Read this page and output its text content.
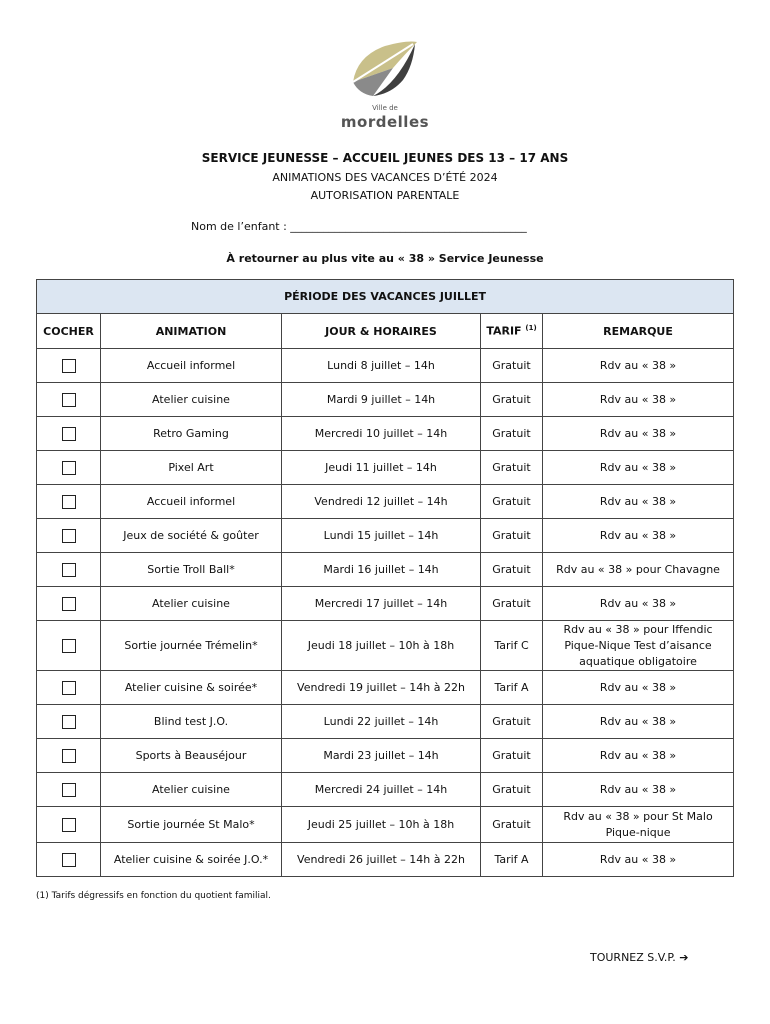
Ville de
mordelles
SERVICE JEUNESSE – ACCUEIL JEUNES DES 13 – 17 ANS
ANIMATIONS DES VACANCES D’ÉTÉ 2024
AUTORISATION PARENTALE
Nom de l’enfant : ___________________________________________
À retourner au plus vite au « 38 » Service Jeunesse
PÉRIODE DES VACANCES JUILLET				
COCHER	ANIMATION	JOUR & HORAIRES	TARIF $^{(1)}$	REMARQUE
	Accueil informel	Lundi 8 juillet – 14h	Gratuit	Rdv au « 38 »

	Atelier cuisine	Mardi 9 juillet – 14h	Gratuit	Rdv au « 38 »

	Retro Gaming	Mercredi 10 juillet – 14h	Gratuit	Rdv au « 38 »

	Pixel Art	Jeudi 11 juillet – 14h	Gratuit	Rdv au « 38 »

	Accueil informel	Vendredi 12 juillet – 14h	Gratuit	Rdv au « 38 »

	Jeux de société & goûter	Lundi 15 juillet – 14h	Gratuit	Rdv au « 38 »

	Sortie Troll Ball*	Mardi 16 juillet – 14h	Gratuit	Rdv au « 38 » pour Chavagne

	Atelier cuisine	Mercredi 17 juillet – 14h	Gratuit	Rdv au « 38 »

	Sortie journée Trémelin*	Jeudi 18 juillet – 10h à 18h	Tarif C	Rdv au « 38 » pour Iffendic
Pique-Nique Test d’aisance
aquatique obligatoire

	Atelier cuisine & soirée*	Vendredi 19 juillet – 14h à 22h	Tarif A	Rdv au « 38 »

	Blind test J.O.	Lundi 22 juillet – 14h	Gratuit	Rdv au « 38 »

	Sports à Beauséjour	Mardi 23 juillet – 14h	Gratuit	Rdv au « 38 »

	Atelier cuisine	Mercredi 24 juillet – 14h	Gratuit	Rdv au « 38 »

	Sortie journée St Malo*	Jeudi 25 juillet – 10h à 18h	Gratuit	Rdv au « 38 » pour St Malo
Pique-nique

	Atelier cuisine & soirée J.O.*	Vendredi 26 juillet – 14h à 22h	Tarif A	Rdv au « 38 »
(1) Tarifs dégressifs en fonction du quotient familial.
TOURNEZ S.V.P. ➔
